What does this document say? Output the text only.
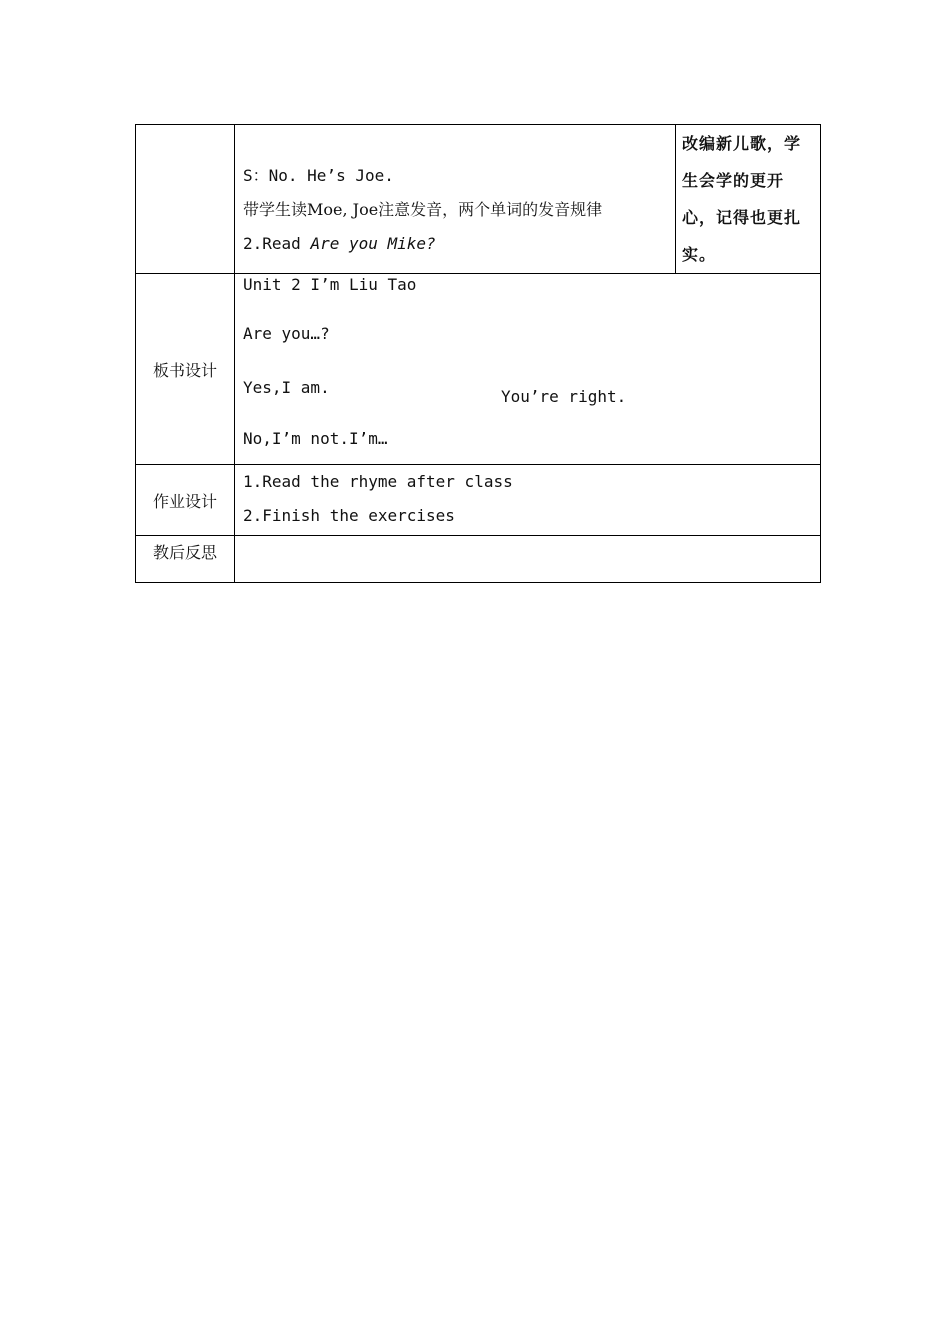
	S：No. He’s Joe.
带学生读Moe, Joe注意发音，两个单词的发音规律
2.Read Are you Mike?	改编新儿歌，学生会学的更开心，记得也更扎实。
板书设计	Unit 2 I’m Liu Tao
Are you…?
Yes,I am. You’re right.
No,I’m not.I’m…	

作业设计	1.Read the rhyme after class
2.Finish the exercises	

教后反思		
